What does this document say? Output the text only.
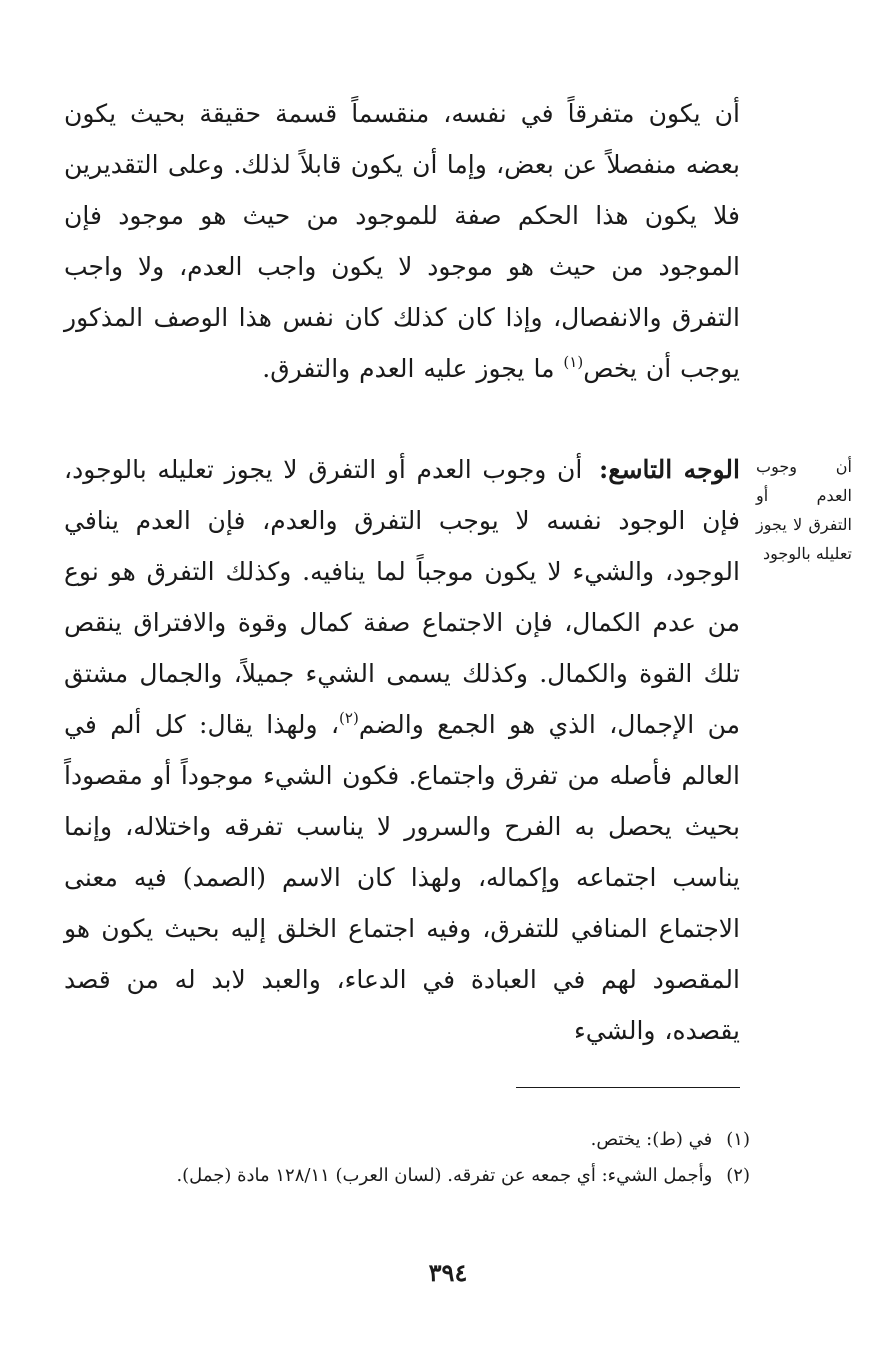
أن يكون متفرقاً في نفسه، منقسماً قسمة حقيقة بحيث يكون بعضه منفصلاً عن بعض، وإما أن يكون قابلاً لذلك. وعلى التقديرين فلا يكون هذا الحكم صفة للموجود من حيث هو موجود فإن الموجود من حيث هو موجود لا يكون واجب العدم، ولا واجب التفرق والانفصال، وإذا كان كذلك كان نفس هذا الوصف المذكور يوجب أن يخص$^{(١)}$ ما يجوز عليه العدم والتفرق.

الوجه التاسع: أن وجوب العدم أو التفرق لا يجوز تعليله بالوجود، فإن الوجود نفسه لا يوجب التفرق والعدم، فإن العدم ينافي الوجود، والشيء لا يكون موجباً لما ينافيه. وكذلك التفرق هو نوع من عدم الكمال، فإن الاجتماع صفة كمال وقوة والافتراق ينقص تلك القوة والكمال. وكذلك يسمى الشيء جميلاً، والجمال مشتق من الإجمال، الذي هو الجمع والضم$^{(٢)}$، ولهذا يقال: كل ألم في العالم فأصله من تفرق واجتماع. فكون الشيء موجوداً أو مقصوداً بحيث يحصل به الفرح والسرور لا يناسب تفرقه واختلاله، وإنما يناسب اجتماعه وإكماله، ولهذا كان الاسم (الصمد) فيه معنى الاجتماع المنافي للتفرق، وفيه اجتماع الخلق إليه بحيث يكون هو المقصود لهم في العبادة في الدعاء، والعبد لابد له من قصد يقصده، والشيء

أن وجوب العدم أو التفرق لا يجوز تعليله بالوجود
(١)في (ط): يختص.
(٢)وأجمل الشيء: أي جمعه عن تفرقه. (لسان العرب) ١٢٨/١١ مادة (جمل).
٣٩٤
